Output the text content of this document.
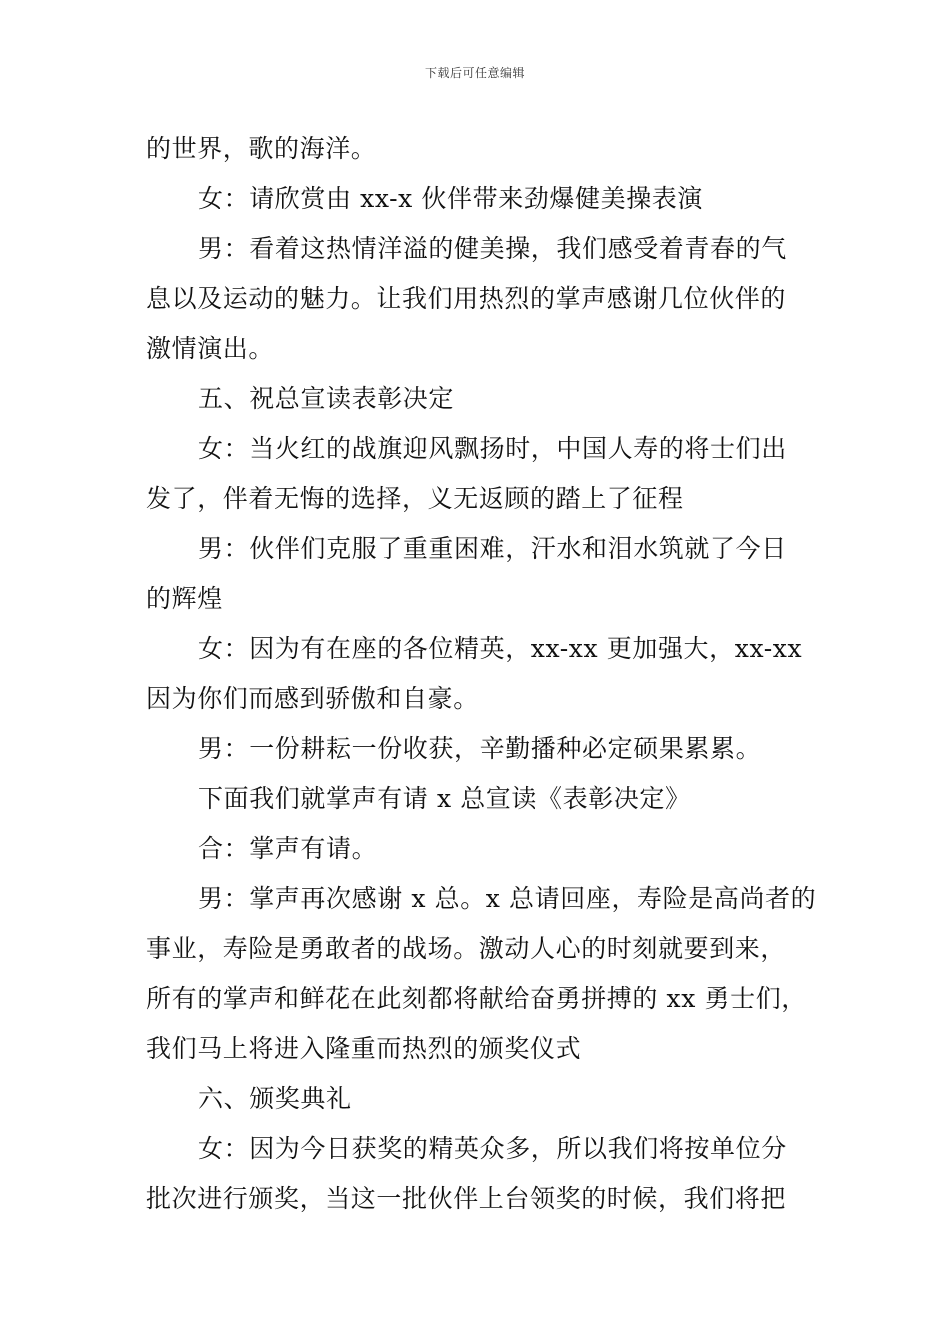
下载后可任意编辑
的世界，歌的海洋。
女：请欣赏由 xx-x 伙伴带来劲爆健美操表演
男：看着这热情洋溢的健美操，我们感受着青春的气
息以及运动的魅力。让我们用热烈的掌声感谢几位伙伴的
激情演出。
五、祝总宣读表彰决定
女：当火红的战旗迎风飘扬时，中国人寿的将士们出
发了，伴着无悔的选择，义无返顾的踏上了征程
男：伙伴们克服了重重困难，汗水和泪水筑就了今日
的辉煌
女：因为有在座的各位精英，xx-xx 更加强大，xx-xx
因为你们而感到骄傲和自豪。
男：一份耕耘一份收获，辛勤播种必定硕果累累。
下面我们就掌声有请 x 总宣读《表彰决定》
合：掌声有请。
男：掌声再次感谢 x 总。x 总请回座，寿险是高尚者的
事业，寿险是勇敢者的战场。激动人心的时刻就要到来，
所有的掌声和鲜花在此刻都将献给奋勇拼搏的 xx 勇士们，
我们马上将进入隆重而热烈的颁奖仪式
六、颁奖典礼
女：因为今日获奖的精英众多，所以我们将按单位分
批次进行颁奖，当这一批伙伴上台领奖的时候，我们将把
